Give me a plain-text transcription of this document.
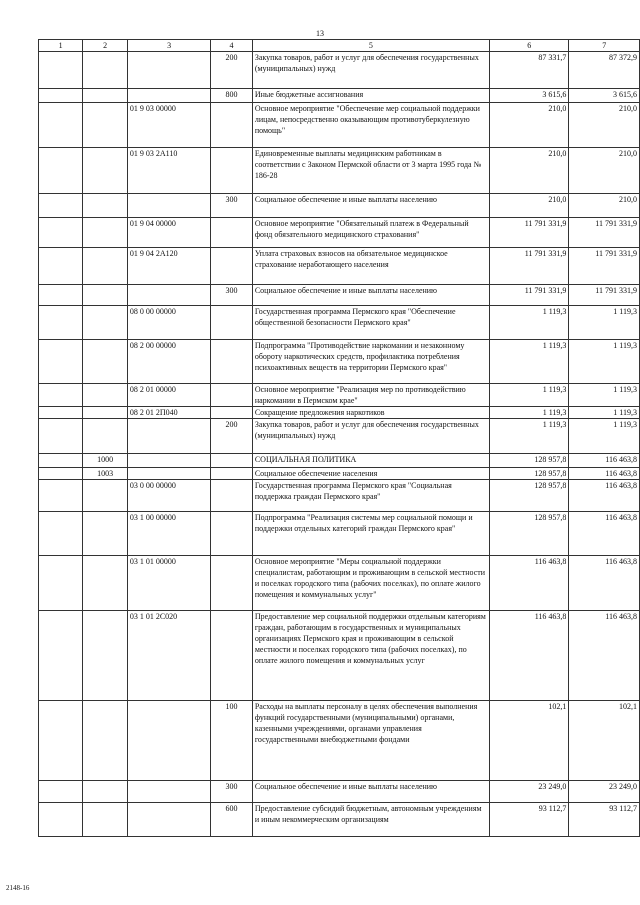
13
1	2	3	4	5	6	7
			200	Закупка товаров, работ и услуг для обеспечения государственных (муниципальных) нужд	87 331,7	87 372,9
			800	Иные бюджетные ассигнования	3 615,6	3 615,6
		01 9 03 00000		Основное мероприятие "Обеспечение мер социальной поддержки лицам, непосредственно оказывающим противотуберкулезную помощь"	210,0	210,0
		01 9 03 2А110		Единовременные выплаты медицинским работникам в соответствии с Законом Пермской области от 3 марта 1995 года № 186-28	210,0	210,0
			300	Социальное обеспечение и иные выплаты населению	210,0	210,0
		01 9 04 00000		Основное мероприятие "Обязательный платеж в Федеральный фонд обязательного медицинского страхования"	11 791 331,9	11 791 331,9
		01 9 04 2А120		Уплата страховых взносов на обязательное медицинское страхование неработающего населения	11 791 331,9	11 791 331,9
			300	Социальное обеспечение и иные выплаты населению	11 791 331,9	11 791 331,9
		08 0 00 00000		Государственная программа Пермского края "Обеспечение общественной безопасности Пермского края"	1 119,3	1 119,3
		08 2 00 00000		Подпрограмма "Противодействие наркомании и незаконному обороту наркотических средств, профилактика потребления психоактивных веществ на территории Пермского края"	1 119,3	1 119,3
		08 2 01 00000		Основное мероприятие "Реализация мер по противодействию наркомании в Пермском крае"	1 119,3	1 119,3
		08 2 01 2П040		Сокращение предложения наркотиков	1 119,3	1 119,3
			200	Закупка товаров, работ и услуг для обеспечения государственных (муниципальных) нужд	1 119,3	1 119,3
	1000			СОЦИАЛЬНАЯ ПОЛИТИКА	128 957,8	116 463,8
	1003			Социальное обеспечение населения	128 957,8	116 463,8
		03 0 00 00000		Государственная программа Пермского края "Социальная поддержка граждан Пермского края"	128 957,8	116 463,8
		03 1 00 00000		Подпрограмма "Реализация системы мер социальной помощи и поддержки отдельных категорий граждан Пермского края"	128 957,8	116 463,8
		03 1 01 00000		Основное мероприятие "Меры социальной поддержки специалистам, работающим и проживающим в сельской местности и поселках городского типа (рабочих поселках), по оплате жилого помещения и коммунальных услуг"	116 463,8	116 463,8
		03 1 01 2С020		Предоставление мер социальной поддержки отдельным категориям граждан, работающим в государственных и муниципальных организациях Пермского края и проживающим в сельской местности и поселках городского типа (рабочих поселках), по оплате жилого помещения и коммунальных услуг	116 463,8	116 463,8
			100	Расходы на выплаты персоналу в целях обеспечения выполнения функций государственными (муниципальными) органами, казенными учреждениями, органами управления государственными внебюджетными фондами	102,1	102,1
			300	Социальное обеспечение и иные выплаты населению	23 249,0	23 249,0
			600	Предоставление субсидий бюджетным, автономным учреждениям и иным некоммерческим организациям	93 112,7	93 112,7
2148-16
